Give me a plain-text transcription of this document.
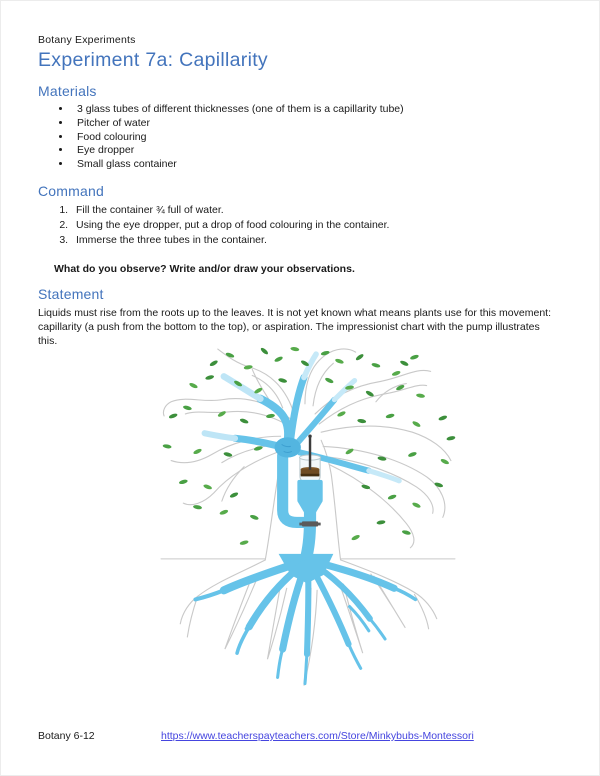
Botany Experiments

Experiment 7a: Capillarity
Materials
• 3 glass tubes of different thicknesses (one of them is a capillarity tube)
• Pitcher of water
• Food colouring
• Eye dropper
• Small glass container
Command
1. Fill the container ¾ full of water.
2. Using the eye dropper, put a drop of food colouring in the container.
3. Immerse the three tubes in the container.

What do you observe? Write and/or draw your observations.

Statement

Liquids must rise from the roots up to the leaves. It is not yet known what means plants use for this movement: capillarity (a push from the bottom to the top), or aspiration. The impressionist chart with the pump illustrates this.

Botany 6-12	https://www.teacherspayteachers.com/Store/Minkybubs-Montessori
